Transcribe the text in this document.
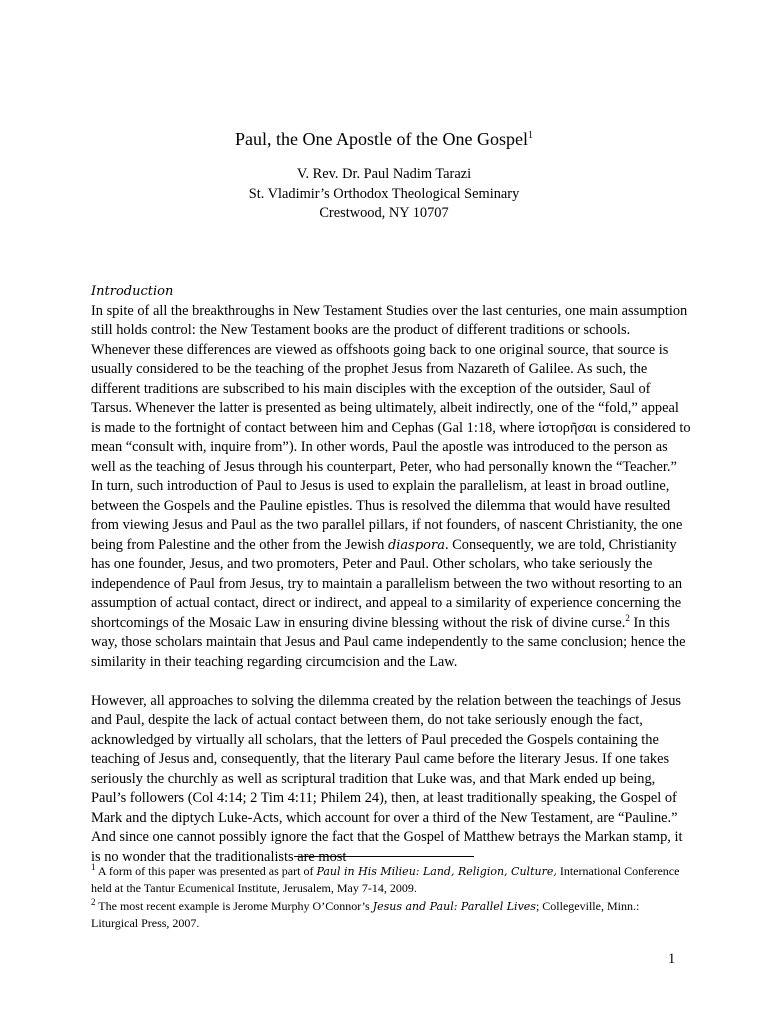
Paul, the One Apostle of the One Gospel$^1$
V. Rev. Dr. Paul Nadim Tarazi
St. Vladimir’s Orthodox Theological Seminary
Crestwood, NY 10707
Introduction

In spite of all the breakthroughs in New Testament Studies over the last centuries, one main assumption still holds control: the New Testament books are the product of different traditions or schools. Whenever these differences are viewed as offshoots going back to one original source, that source is usually considered to be the teaching of the prophet Jesus from Nazareth of Galilee. As such, the different traditions are subscribed to his main disciples with the exception of the outsider, Saul of Tarsus. Whenever the latter is presented as being ultimately, albeit indirectly, one of the “fold,” appeal is made to the fortnight of contact between him and Cephas (Gal 1:18, where ἱστορῆσαι is considered to mean “consult with, inquire from”). In other words, Paul the apostle was introduced to the person as well as the teaching of Jesus through his counterpart, Peter, who had personally known the “Teacher.” In turn, such introduction of Paul to Jesus is used to explain the parallelism, at least in broad outline, between the Gospels and the Pauline epistles. Thus is resolved the dilemma that would have resulted from viewing Jesus and Paul as the two parallel pillars, if not founders, of nascent Christianity, the one being from Palestine and the other from the Jewish diaspora. Consequently, we are told, Christianity has one founder, Jesus, and two promoters, Peter and Paul. Other scholars, who take seriously the independence of Paul from Jesus, try to maintain a parallelism between the two without resorting to an assumption of actual contact, direct or indirect, and appeal to a similarity of experience concerning the shortcomings of the Mosaic Law in ensuring divine blessing without the risk of divine curse.$^2$ In this way, those scholars maintain that Jesus and Paul came independently to the same conclusion; hence the similarity in their teaching regarding circumcision and the Law.

However, all approaches to solving the dilemma created by the relation between the teachings of Jesus and Paul, despite the lack of actual contact between them, do not take seriously enough the fact, acknowledged by virtually all scholars, that the letters of Paul preceded the Gospels containing the teaching of Jesus and, consequently, that the literary Paul came before the literary Jesus. If one takes seriously the churchly as well as scriptural tradition that Luke was, and that Mark ended up being, Paul’s followers (Col 4:14; 2 Tim 4:11; Philem 24), then, at least traditionally speaking, the Gospel of Mark and the diptych Luke-Acts, which account for over a third of the New Testament, are “Pauline.” And since one cannot possibly ignore the fact that the Gospel of Matthew betrays the Markan stamp, it is no wonder that the traditionalists are most

$^1$ A form of this paper was presented as part of Paul in His Milieu: Land, Religion, Culture, International Conference held at the Tantur Ecumenical Institute, Jerusalem, May 7-14, 2009.

$^2$ The most recent example is Jerome Murphy O’Connor’s Jesus and Paul: Parallel Lives; Collegeville, Minn.: Liturgical Press, 2007.

1
